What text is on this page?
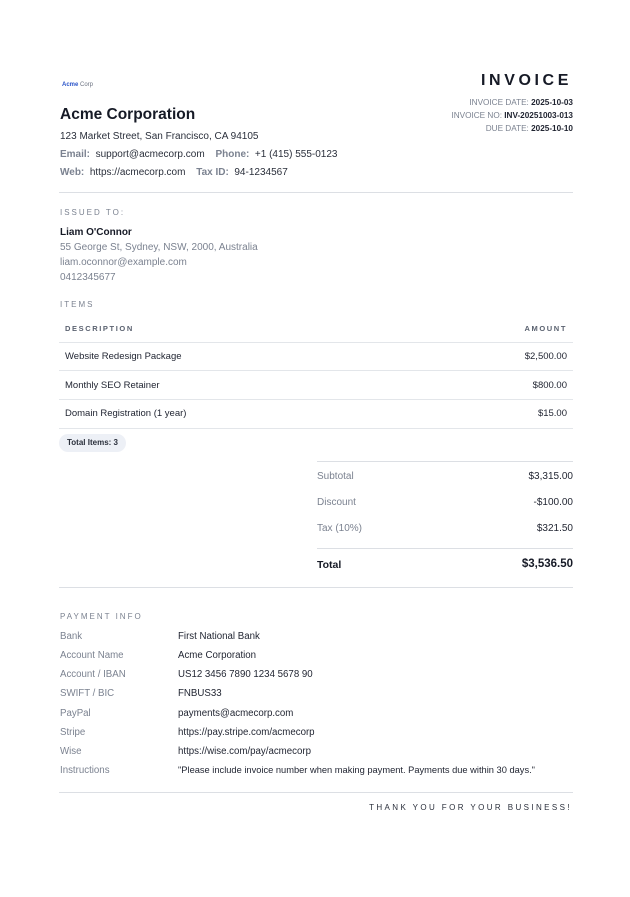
Acme Corp
Acme Corporation
123 Market Street, San Francisco, CA 94105
Email: support@acmecorp.com Phone: +1 (415) 555-0123
Web: https://acmecorp.com Tax ID: 94-1234567
INVOICE
INVOICE DATE: 2025-10-03
INVOICE NO: INV-20251003-013
DUE DATE: 2025-10-10
ISSUED TO:
Liam O'Connor
55 George St, Sydney, NSW, 2000, Australia
liam.oconnor@example.com
0412345677
ITEMS
DESCRIPTION	AMOUNT
Website Redesign Package	$2,500.00
Monthly SEO Retainer	$800.00
Domain Registration (1 year)	$15.00
Total Items: 3
Subtotal	$3,315.00
Discount	-$100.00
Tax (10%)	$321.50
Total	$3,536.50
PAYMENT INFO
Bank	First National Bank
Account Name	Acme Corporation
Account / IBAN	US12 3456 7890 1234 5678 90
SWIFT / BIC	FNBUS33
PayPal	payments@acmecorp.com
Stripe	https://pay.stripe.com/acmecorp
Wise	https://wise.com/pay/acmecorp
Instructions	"Please include invoice number when making payment. Payments due within 30 days."
THANK YOU FOR YOUR BUSINESS!
